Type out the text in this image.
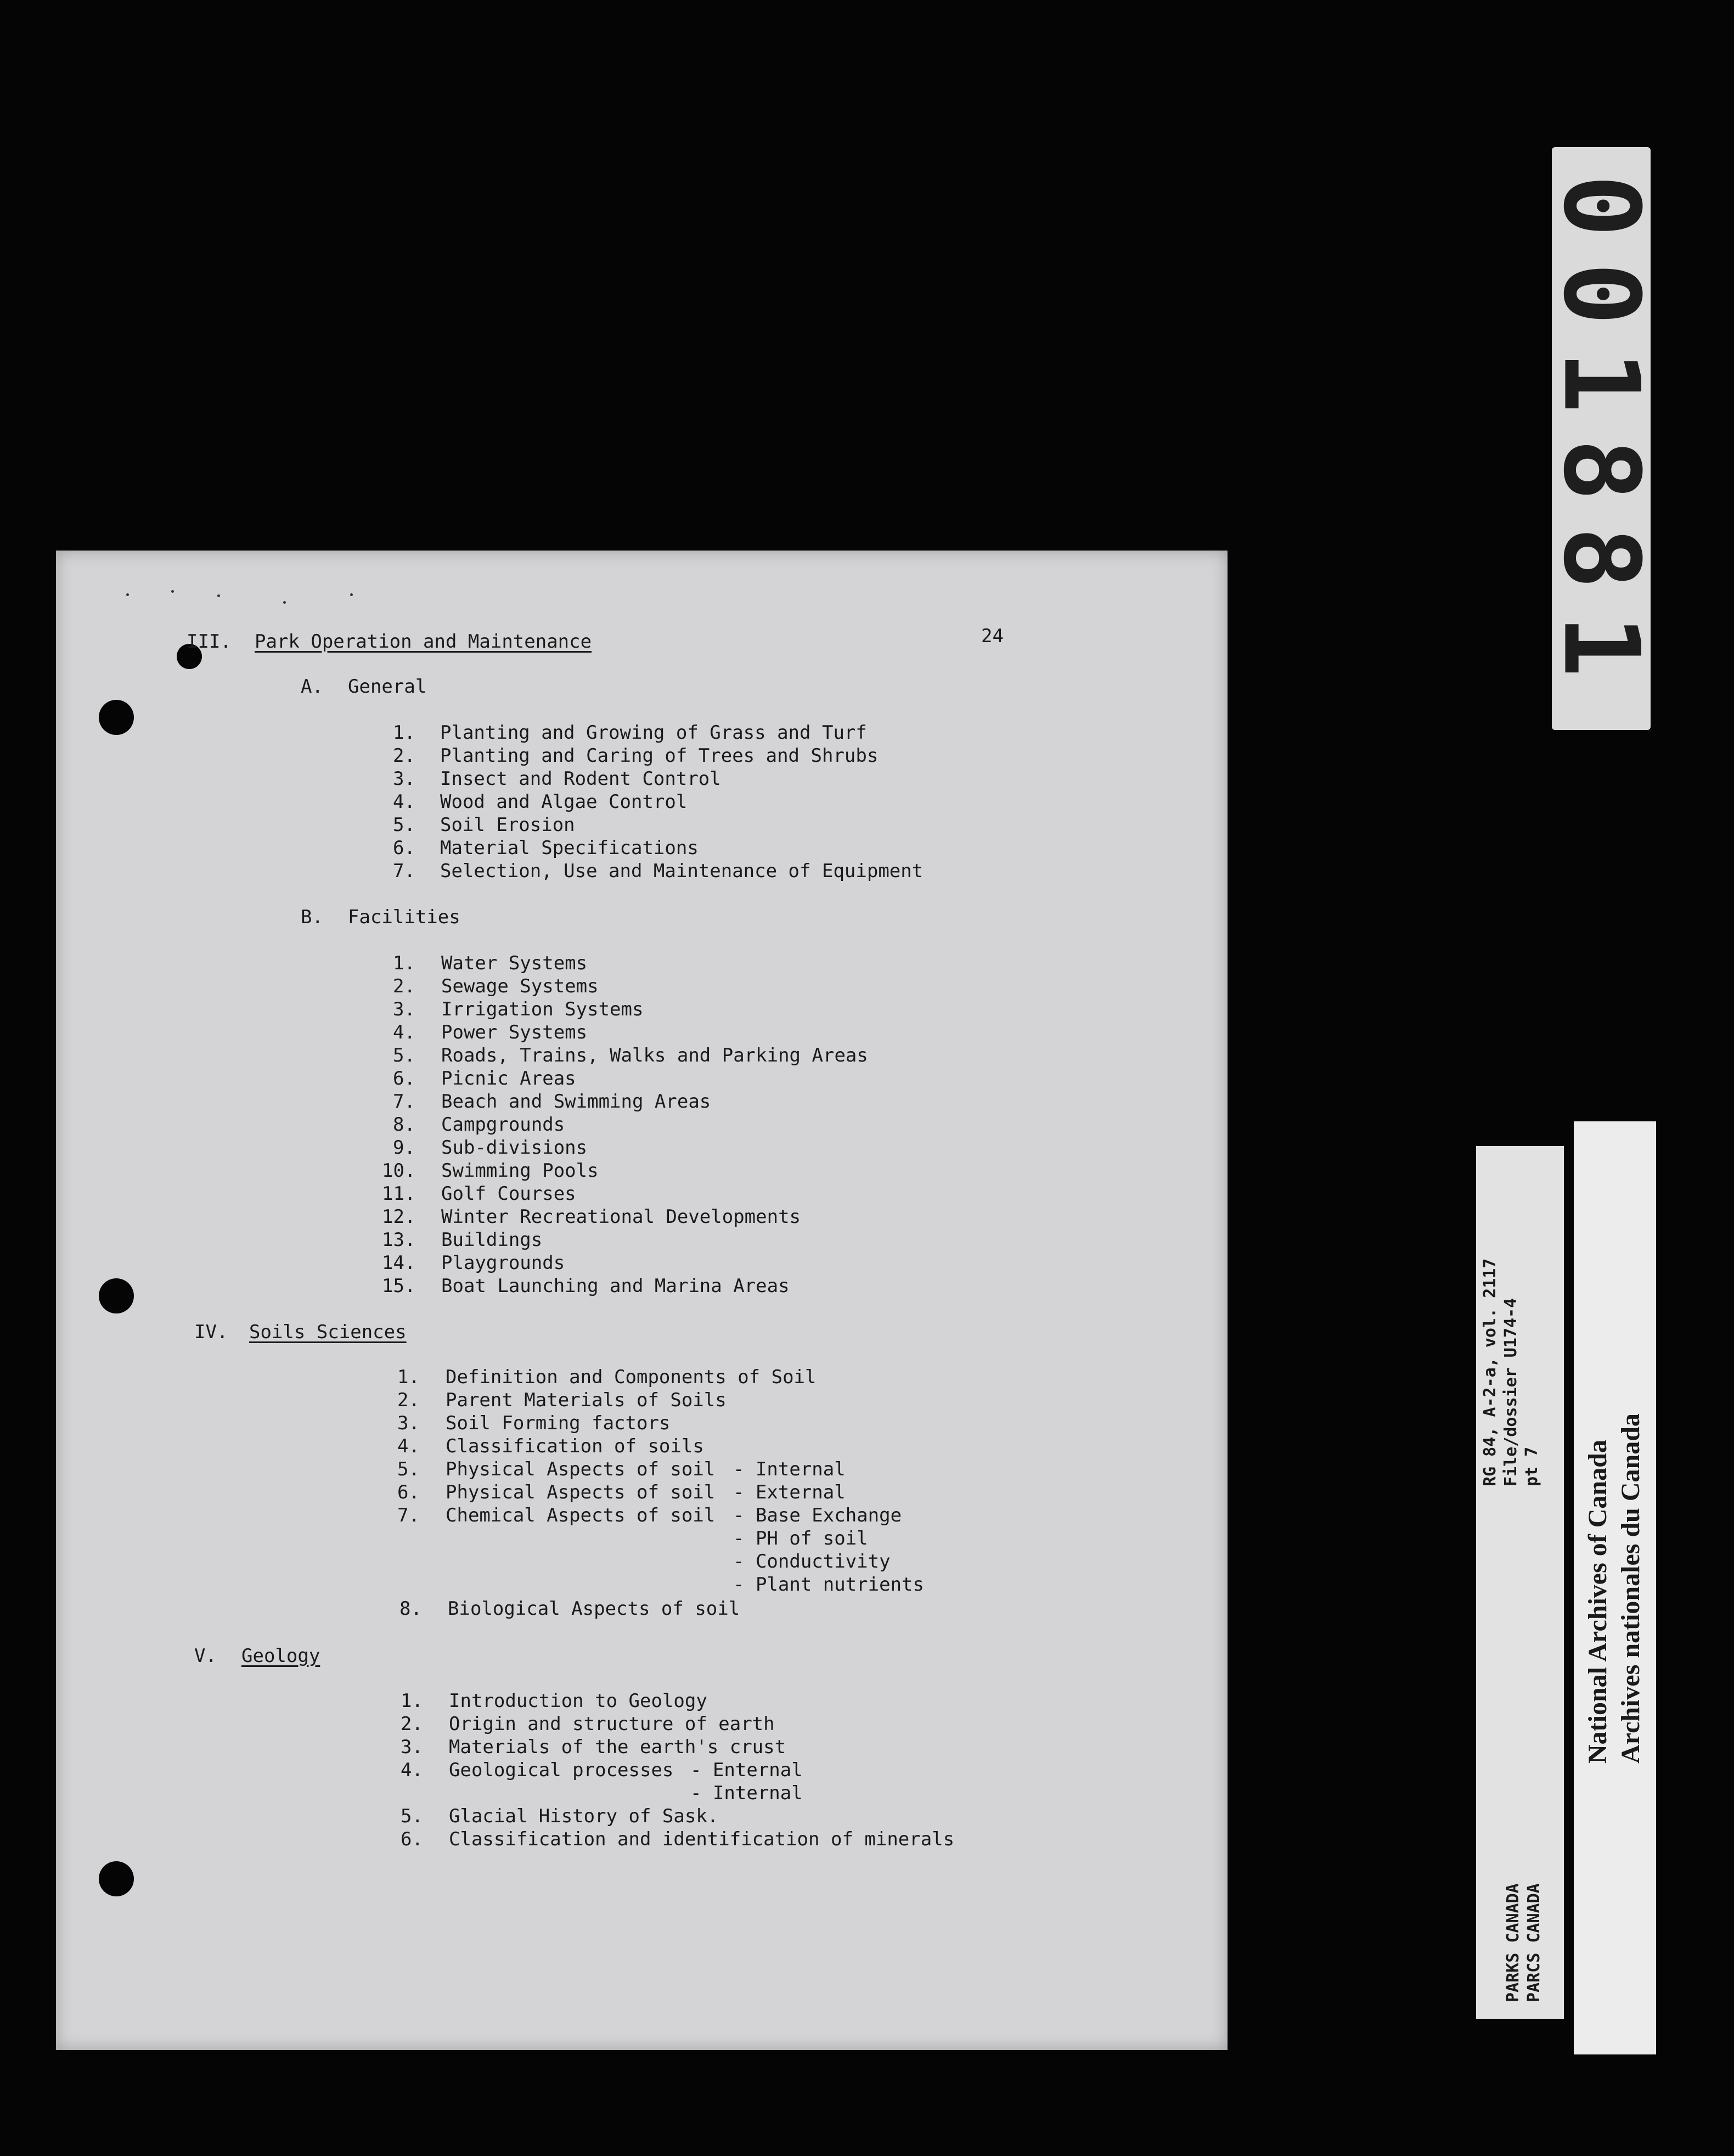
24
III. Park Operation and Maintenance
A. General
1. Planting and Growing of Grass and Turf
2. Planting and Caring of Trees and Shrubs
3. Insect and Rodent Control
4. Wood and Algae Control
5. Soil Erosion
6. Material Specifications
7. Selection, Use and Maintenance of Equipment
B. Facilities
1. Water Systems
2. Sewage Systems
3. Irrigation Systems
4. Power Systems
5. Roads, Trains, Walks and Parking Areas
6. Picnic Areas
7. Beach and Swimming Areas
8. Campgrounds
9. Sub-divisions
10. Swimming Pools
11. Golf Courses
12. Winter Recreational Developments
13. Buildings
14. Playgrounds
15. Boat Launching and Marina Areas
IV. Soils Sciences
1. Definition and Components of Soil
2. Parent Materials of Soils
3. Soil Forming factors
4. Classification of soils
5. Physical Aspects of soil - Internal
6. Physical Aspects of soil - External
7. Chemical Aspects of soil - Base Exchange
- PH of soil
- Conductivity
- Plant nutrients
8. Biological Aspects of soil
V. Geology
1. Introduction to Geology
2. Origin and structure of earth
3. Materials of the earth's crust
4. Geological processes - Enternal
- Internal
5. Glacial History of Sask.
6. Classification and identification of minerals
001881
RG 84, A-2-a, vol. 2117 File/dossier U174-4 pt 7
PARKS CANADA PARCS CANADA
National Archives of Canada Archives nationales du Canada
